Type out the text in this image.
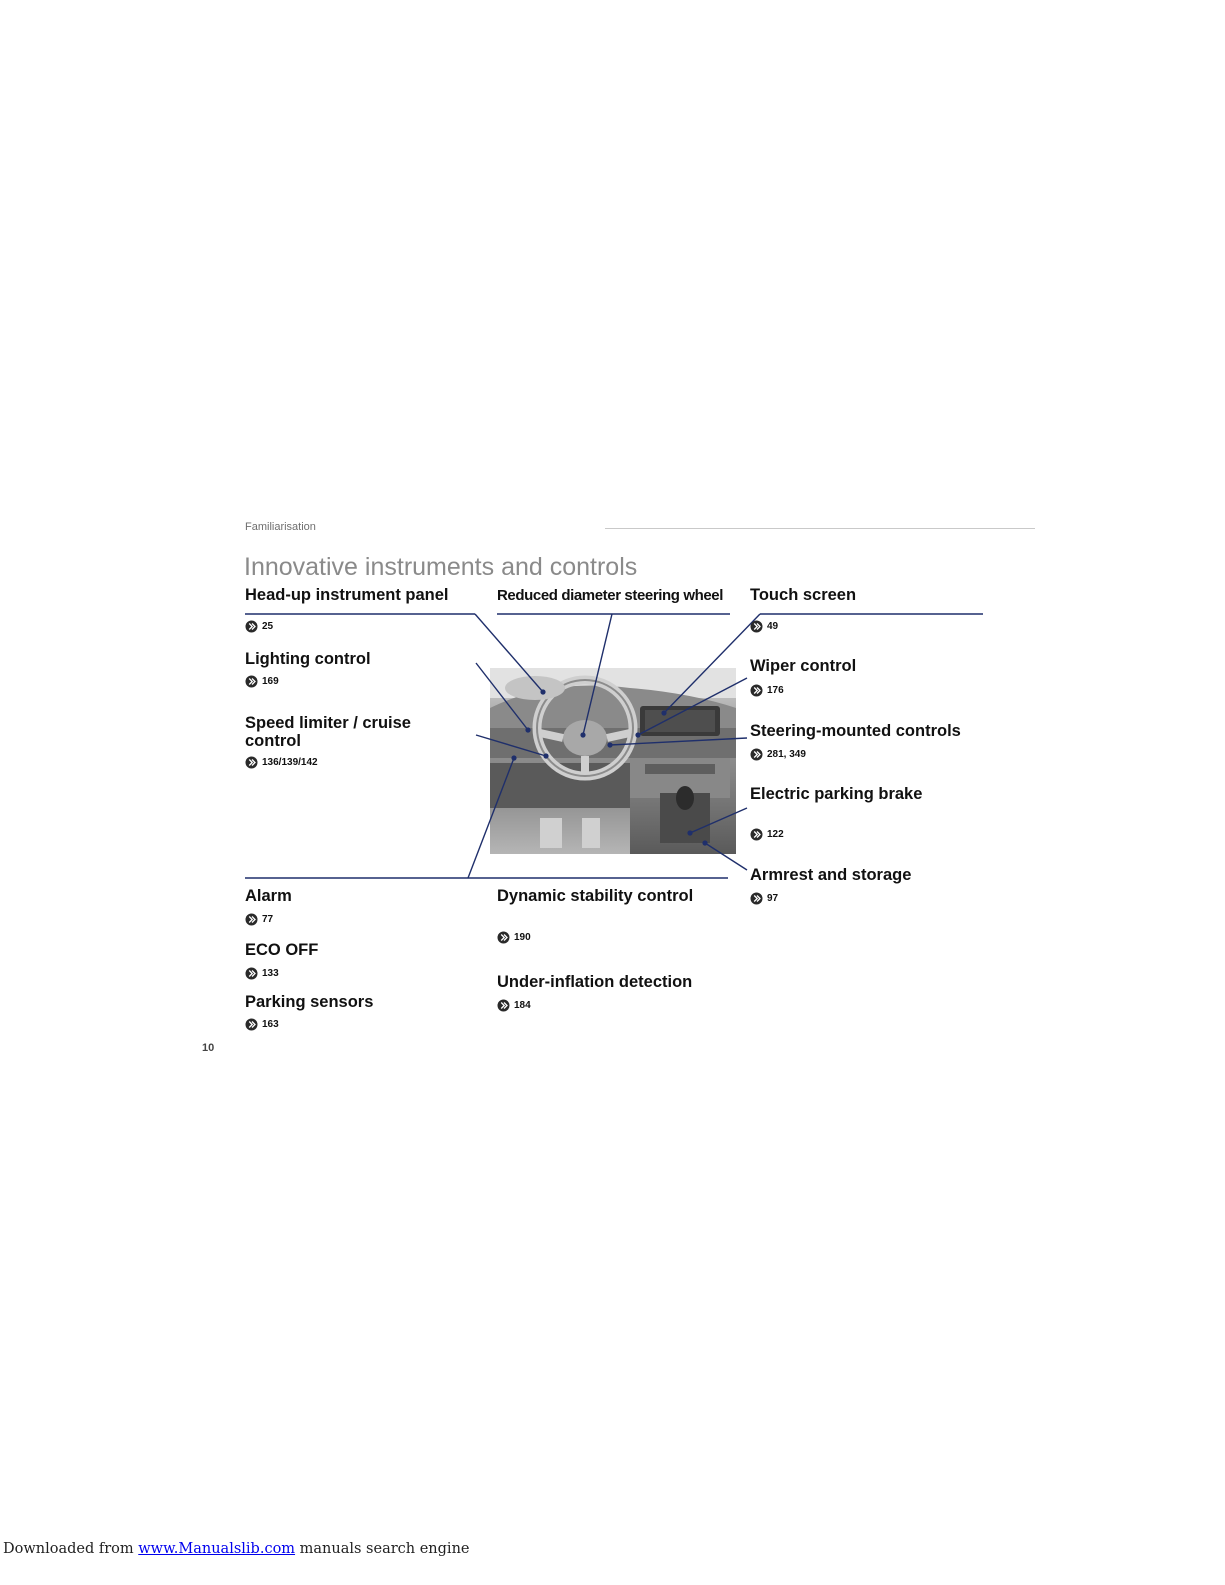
Familiarisation
Innovative instruments and controls
Head-up instrument panel
25
Lighting control
169
Speed limiter / cruise
control
136/139/142
Reduced diameter steering wheel Touch screen
49
Wiper control
176
Steering-mounted controls
281, 349
Electric parking brake
122
Armrest and storage
97
Alarm
77
ECO OFF
133
Parking sensors
163
Dynamic stability control
190
Under-inflation detection
184
10
Downloaded from www.Manualslib.com manuals search engine
